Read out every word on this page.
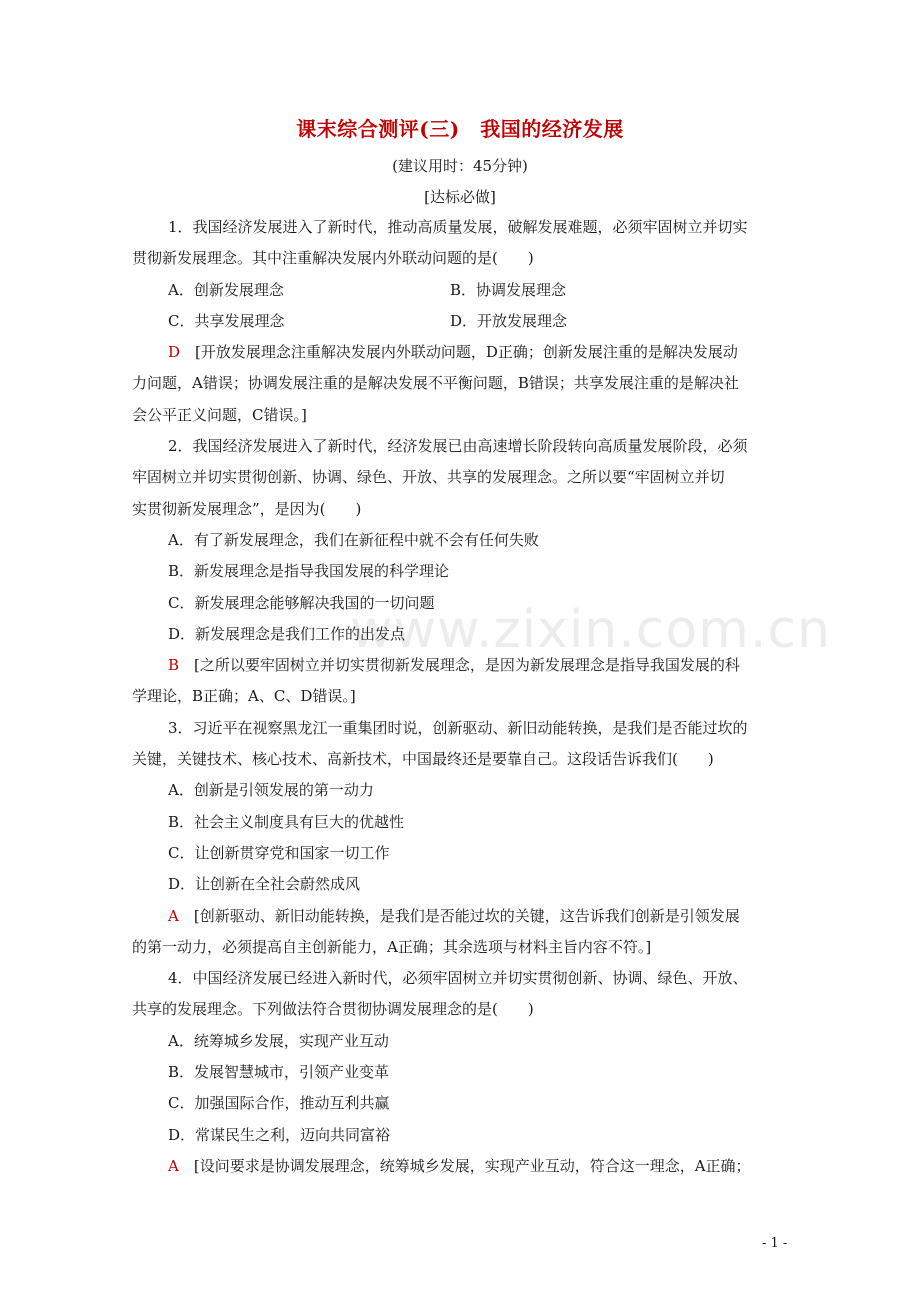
www.zixin.com.cn
课末综合测评(三)　我国的经济发展
(建议用时：45分钟)
[达标必做]
1．我国经济发展进入了新时代，推动高质量发展，破解发展难题，必须牢固树立并切实
贯彻新发展理念。其中注重解决发展内外联动问题的是(　　)
A．创新发展理念	B．协调发展理念
C．共享发展理念	D．开放发展理念
D　[开放发展理念注重解决发展内外联动问题，D正确；创新发展注重的是解决发展动
力问题，A错误；协调发展注重的是解决发展不平衡问题，B错误；共享发展注重的是解决社
会公平正义问题，C错误。]
2．我国经济发展进入了新时代，经济发展已由高速增长阶段转向高质量发展阶段，必须
牢固树立并切实贯彻创新、协调、绿色、开放、共享的发展理念。之所以要“牢固树立并切
实贯彻新发展理念”，是因为(　　)
A．有了新发展理念，我们在新征程中就不会有任何失败
B．新发展理念是指导我国发展的科学理论
C．新发展理念能够解决我国的一切问题
D．新发展理念是我们工作的出发点
B　[之所以要牢固树立并切实贯彻新发展理念，是因为新发展理念是指导我国发展的科
学理论，B正确；A、C、D错误。]
3．习近平在视察黑龙江一重集团时说，创新驱动、新旧动能转换，是我们是否能过坎的
关键，关键技术、核心技术、高新技术，中国最终还是要靠自己。这段话告诉我们(　　)
A．创新是引领发展的第一动力
B．社会主义制度具有巨大的优越性
C．让创新贯穿党和国家一切工作
D．让创新在全社会蔚然成风
A　[创新驱动、新旧动能转换，是我们是否能过坎的关键，这告诉我们创新是引领发展
的第一动力，必须提高自主创新能力，A正确；其余选项与材料主旨内容不符。]
4．中国经济发展已经进入新时代，必须牢固树立并切实贯彻创新、协调、绿色、开放、
共享的发展理念。下列做法符合贯彻协调发展理念的是(　　)
A．统筹城乡发展，实现产业互动
B．发展智慧城市，引领产业变革
C．加强国际合作，推动互利共赢
D．常谋民生之利，迈向共同富裕
A　[设问要求是协调发展理念，统筹城乡发展，实现产业互动，符合这一理念，A正确；
- 1 -
